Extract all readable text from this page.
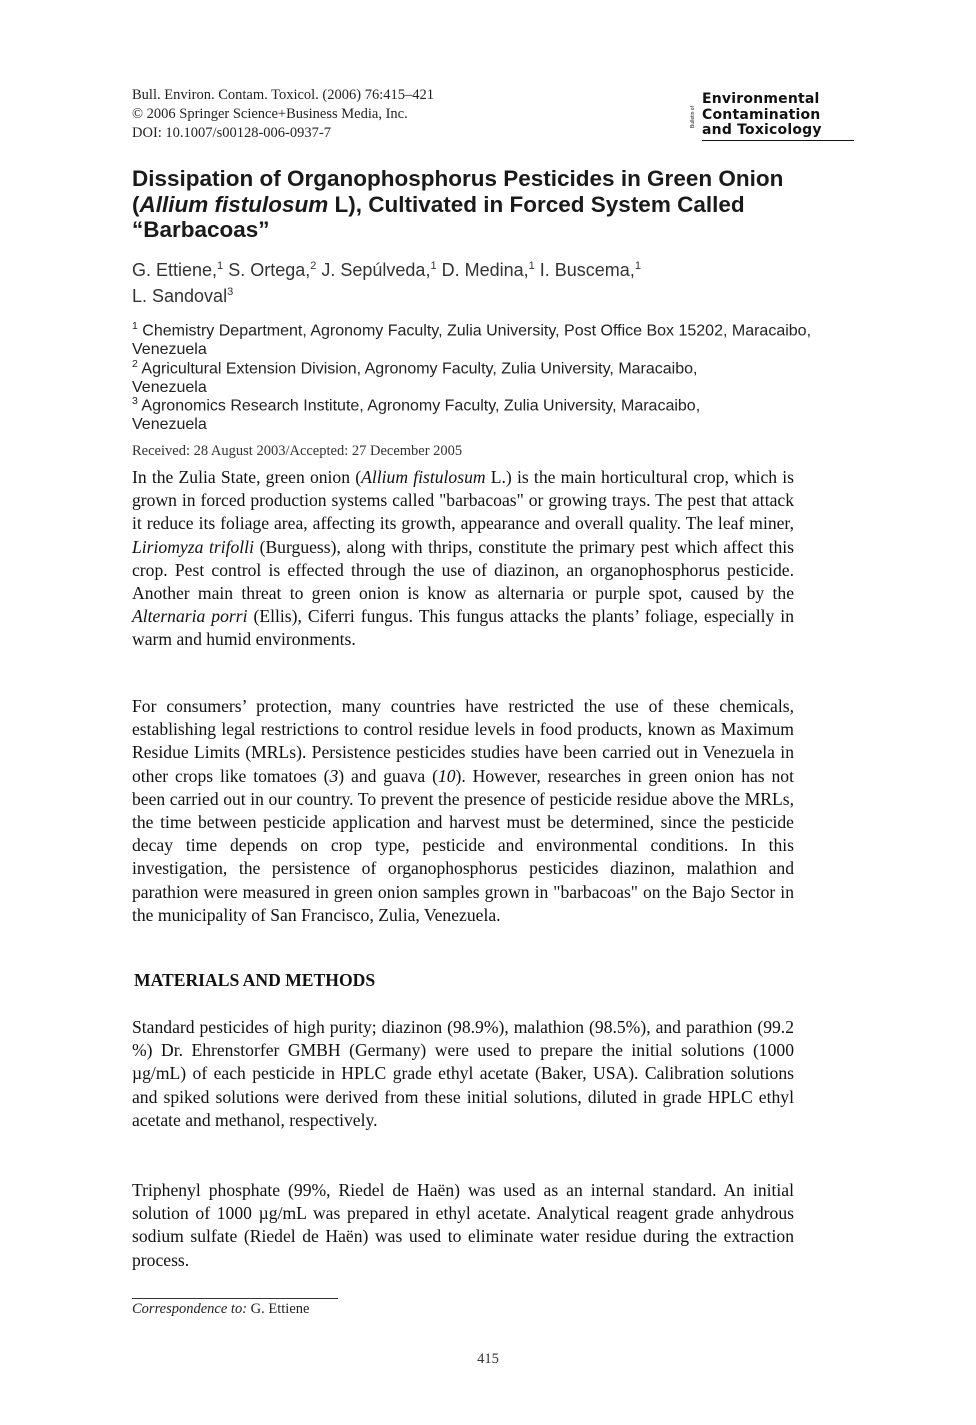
Bull. Environ. Contam. Toxicol. (2006) 76:415–421
© 2006 Springer Science+Business Media, Inc.
DOI: 10.1007/s00128-006-0937-7
Bulletin of
Environmental
Contamination
and Toxicology
Dissipation of Organophosphorus Pesticides in Green Onion (Allium fistulosum L), Cultivated in Forced System Called “Barbacoas”
G. Ettiene,$^1$ S. Ortega,$^2$ J. Sepúlveda,$^1$ D. Medina,$^1$ I. Buscema,$^1$
L. Sandoval$^3$
$^1$ Chemistry Department, Agronomy Faculty, Zulia University, Post Office Box 15202, Maracaibo, Venezuela
$^2$ Agricultural Extension Division, Agronomy Faculty, Zulia University, Maracaibo, Venezuela
$^3$ Agronomics Research Institute, Agronomy Faculty, Zulia University, Maracaibo, Venezuela
Received: 28 August 2003/Accepted: 27 December 2005

In the Zulia State, green onion (Allium fistulosum L.) is the main horticultural crop, which is grown in forced production systems called "barbacoas" or growing trays. The pest that attack it reduce its foliage area, affecting its growth, appearance and overall quality. The leaf miner, Liriomyza trifolli (Burguess), along with thrips, constitute the primary pest which affect this crop. Pest control is effected through the use of diazinon, an organophosphorus pesticide. Another main threat to green onion is know as alternaria or purple spot, caused by the Alternaria porri (Ellis), Ciferri fungus. This fungus attacks the plants’ foliage, especially in warm and humid environments.

For consumers’ protection, many countries have restricted the use of these chemicals, establishing legal restrictions to control residue levels in food products, known as Maximum Residue Limits (MRLs). Persistence pesticides studies have been carried out in Venezuela in other crops like tomatoes (3) and guava (10). However, researches in green onion has not been carried out in our country. To prevent the presence of pesticide residue above the MRLs, the time between pesticide application and harvest must be determined, since the pesticide decay time depends on crop type, pesticide and environmental conditions. In this investigation, the persistence of organophosphorus pesticides diazinon, malathion and parathion were measured in green onion samples grown in "barbacoas" on the Bajo Sector in the municipality of San Francisco, Zulia, Venezuela.

MATERIALS AND METHODS

Standard pesticides of high purity; diazinon (98.9%), malathion (98.5%), and parathion (99.2 %) Dr. Ehrenstorfer GMBH (Germany) were used to prepare the initial solutions (1000 µg/mL) of each pesticide in HPLC grade ethyl acetate (Baker, USA). Calibration solutions and spiked solutions were derived from these initial solutions, diluted in grade HPLC ethyl acetate and methanol, respectively.

Triphenyl phosphate (99%, Riedel de Haën) was used as an internal standard. An initial solution of 1000 µg/mL was prepared in ethyl acetate. Analytical reagent grade anhydrous sodium sulfate (Riedel de Haën) was used to eliminate water residue during the extraction process.

Correspondence to: G. Ettiene
415
